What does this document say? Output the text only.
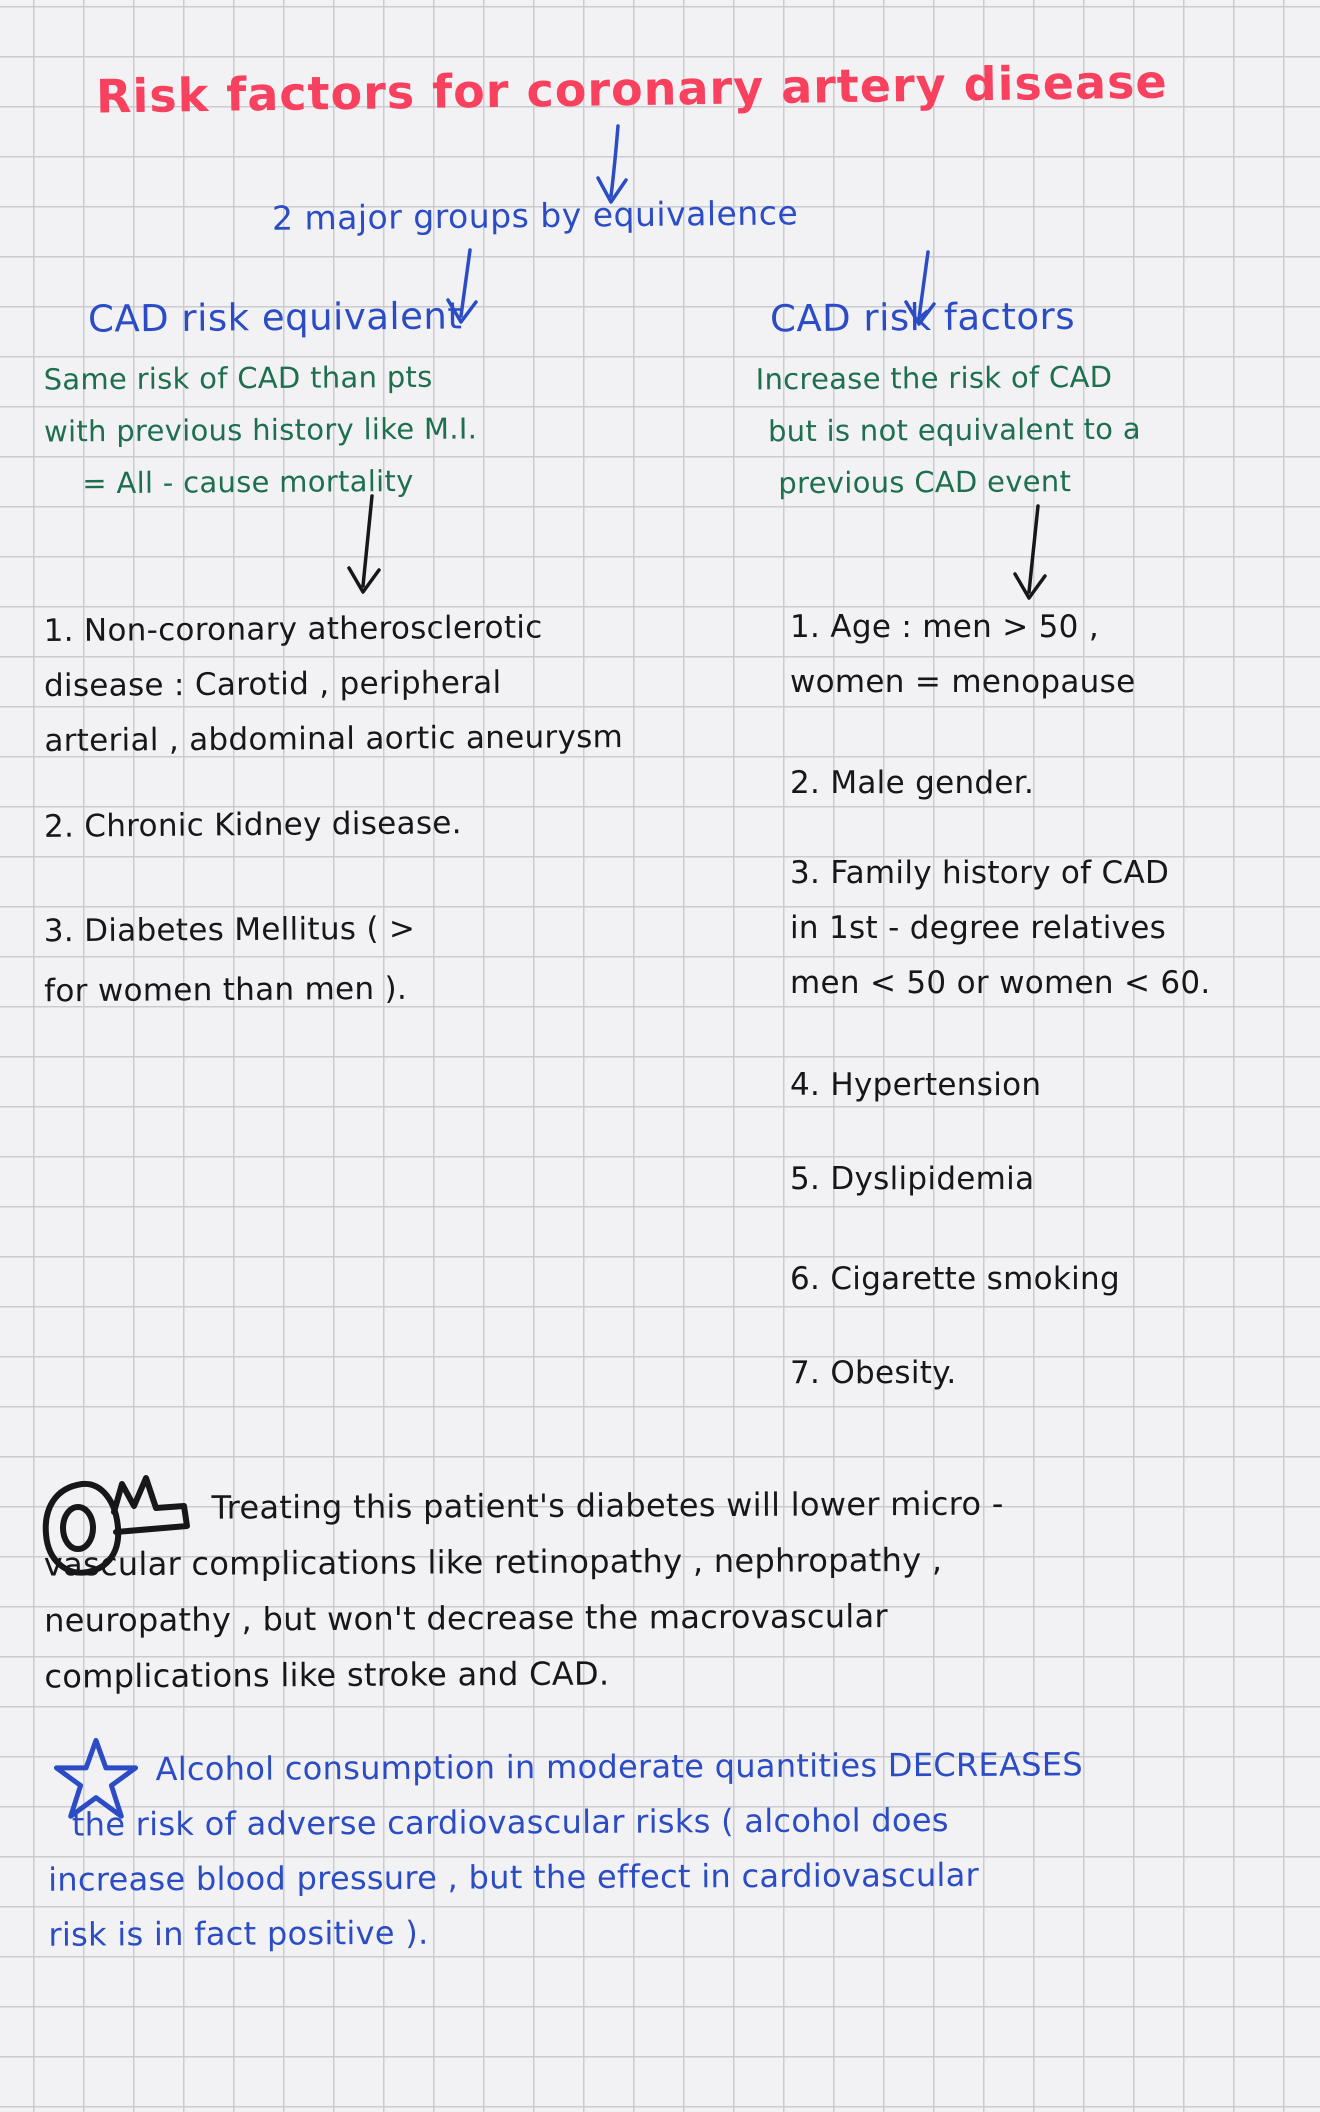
Risk factors for coronary artery disease
2 major groups by equivalence
CAD risk equivalent
Same risk of CAD than pts
with previous history like M.I.
= All - cause mortality
CAD risk factors
Increase the risk of CAD
but is not equivalent to a
previous CAD event
1. Non-coronary atherosclerotic
disease : Carotid , peripheral
arterial , abdominal aortic aneurysm
2. Chronic Kidney disease.
3. Diabetes Mellitus ( >
for women than men ).
1. Age : men > 50 ,
women = menopause
2. Male gender.
3. Family history of CAD
in 1st - degree relatives
men < 50 or women < 60.
4. Hypertension
5. Dyslipidemia
6. Cigarette smoking
7. Obesity.
Treating this patient's diabetes will lower micro -
vascular complications like retinopathy , nephropathy ,
neuropathy , but won't decrease the macrovascular
complications like stroke and CAD.
Alcohol consumption in moderate quantities DECREASES
the risk of adverse cardiovascular risks ( alcohol does
increase blood pressure , but the effect in cardiovascular
risk is in fact positive ).
